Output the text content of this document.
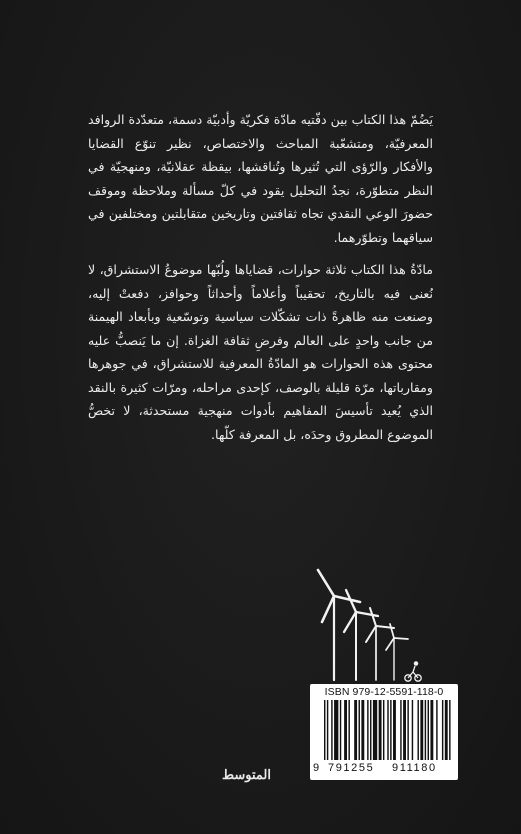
يَضُمّ هذا الكتاب بين دفّتيه مادّة فكريّة وأدبيّة دسمة، متعدّدة الروافد المعرفيّة، ومتشعّبة المباحث والاختصاص، نظير تنوّع القضايا والأفكار والرّؤى التي تُثيرها وتُناقشها، بيقظة عقلانيّة، ومنهجيّة في النظر متطوّرة، نجدُ التحليل يقود في كلّ مسألة وملاحظة وموقف حضورَ الوعي النقدي تجاه ثقافتين وتاريخين متقابلتين ومختلفين في سياقهما وتطوّرهما.

مادّةُ هذا الكتاب ثلاثة حوارات، قضاياها ولُبّها موضوعُ الاستشراق، لا نُعنى فيه بالتاريخ، تحقيباً وأعلاماً وأحداثاً وحوافز، دفعتْ إليه، وصنعت منه ظاهرةً ذات تشكّلات سياسية وتوسّعية وبأبعاد الهيمنة من جانب واحدٍ على العالم وفرضِ ثقافة الغزاة. إن ما يَنصبُّ عليه محتوى هذه الحوارات هو المادّةُ المعرفية للاستشراق، في جوهرها ومقارباتها، مرّة قليلة بالوصف، كإحدى مراحله، ومرّات كثيرة بالنقد الذي يُعيد تأسيسَ المفاهيم بأدوات منهجية مستحدثة، لا تخصُّ الموضوع المطروق وحدَه، بل المعرفة كلّها.

ISBN 979-12-5591-118-0
9 791255 911180
المتوسط
